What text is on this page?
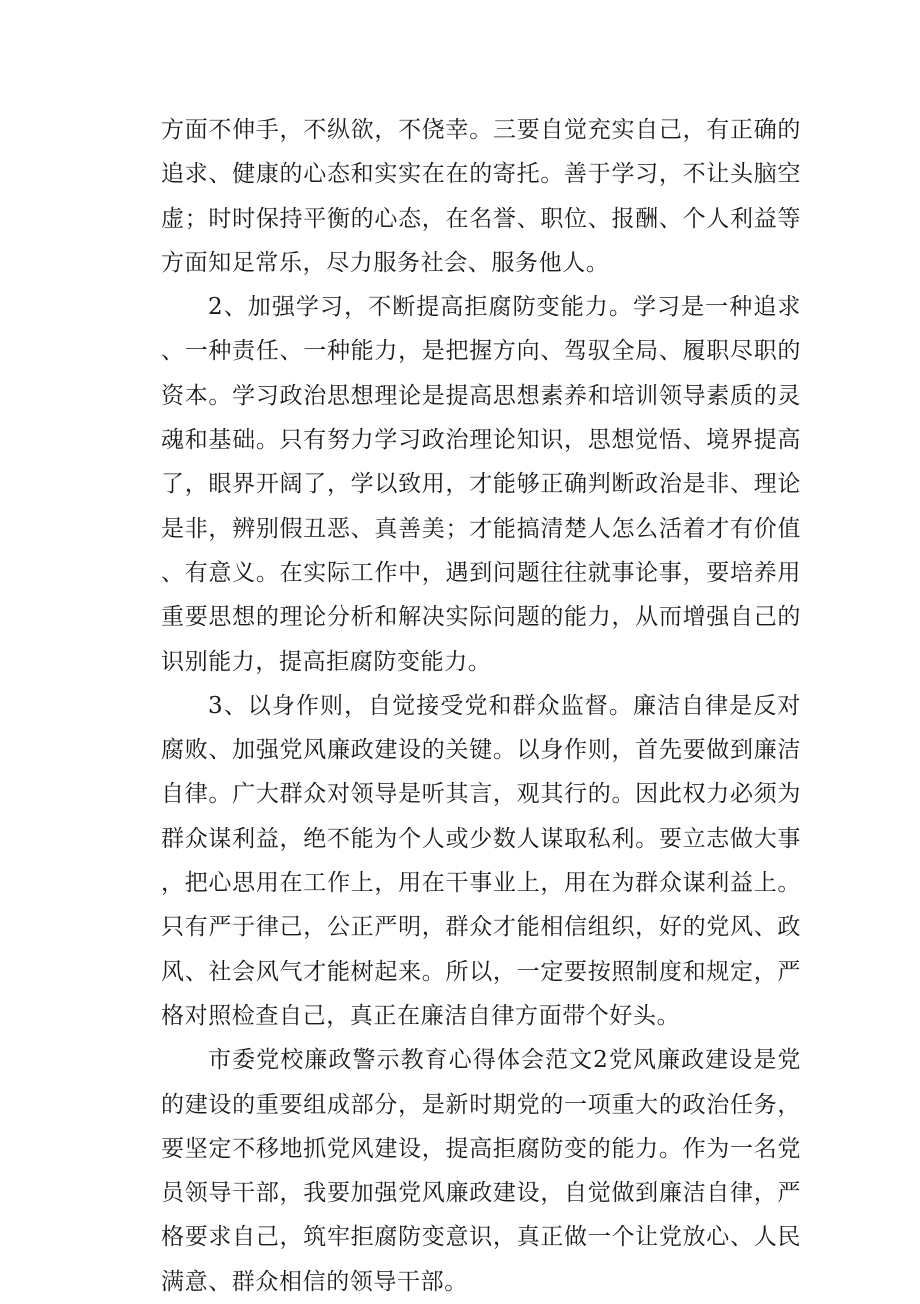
方面不伸手，不纵欲，不侥幸。三要自觉充实自己，有正确的追求、健康的心态和实实在在的寄托。善于学习，不让头脑空虚；时时保持平衡的心态，在名誉、职位、报酬、个人利益等方面知足常乐，尽力服务社会、服务他人。

2、加强学习，不断提高拒腐防变能力。学习是一种追求、一种责任、一种能力，是把握方向、驾驭全局、履职尽职的资本。学习政治思想理论是提高思想素养和培训领导素质的灵魂和基础。只有努力学习政治理论知识，思想觉悟、境界提高了，眼界开阔了，学以致用，才能够正确判断政治是非、理论是非，辨别假丑恶、真善美；才能搞清楚人怎么活着才有价值、有意义。在实际工作中，遇到问题往往就事论事，要培养用重要思想的理论分析和解决实际问题的能力，从而增强自己的识别能力，提高拒腐防变能力。

3、以身作则，自觉接受党和群众监督。廉洁自律是反对腐败、加强党风廉政建设的关键。以身作则，首先要做到廉洁自律。广大群众对领导是听其言，观其行的。因此权力必须为群众谋利益，绝不能为个人或少数人谋取私利。要立志做大事，把心思用在工作上，用在干事业上，用在为群众谋利益上。只有严于律己，公正严明，群众才能相信组织，好的党风、政风、社会风气才能树起来。所以，一定要按照制度和规定，严格对照检查自己，真正在廉洁自律方面带个好头。

市委党校廉政警示教育心得体会范文2党风廉政建设是党的建设的重要组成部分，是新时期党的一项重大的政治任务，要坚定不移地抓党风建设，提高拒腐防变的能力。作为一名党员领导干部，我要加强党风廉政建设，自觉做到廉洁自律，严格要求自己，筑牢拒腐防变意识，真正做一个让党放心、人民满意、群众相信的领导干部。
